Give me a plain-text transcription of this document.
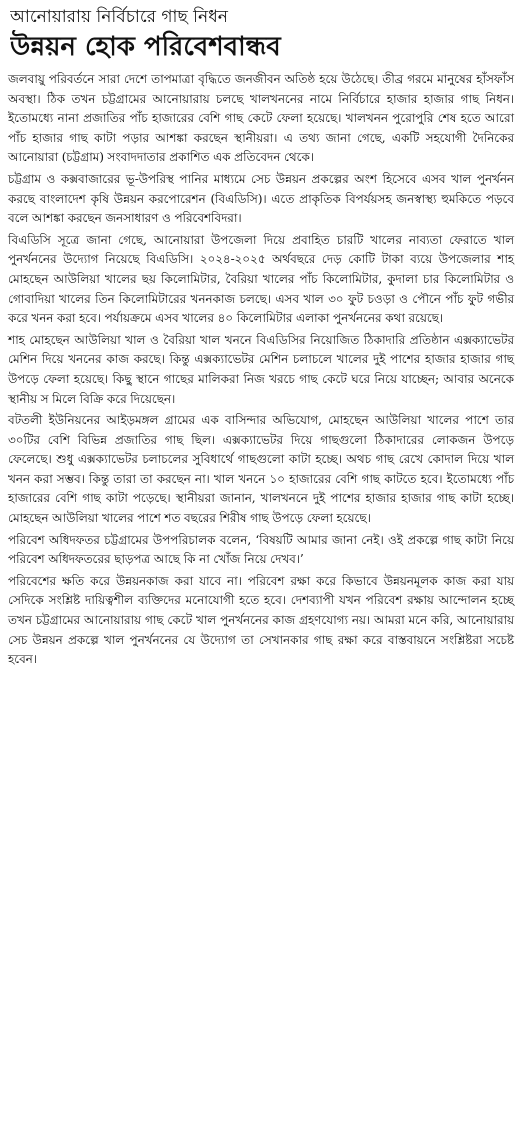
আনোয়ারায় নির্বিচারে গাছ নিধন
উন্নয়ন হোক পরিবেশবান্ধব

জলবায়ু পরিবর্তনে সারা দেশে তাপমাত্রা বৃদ্ধিতে জনজীবন অতিষ্ঠ হয়ে উঠেছে। তীব্র গরমে মানুষের হাঁসফাঁস অবস্থা। ঠিক তখন চট্টগ্রামের আনোয়ারায় চলছে খালখননের নামে নির্বিচারে হাজার হাজার গাছ নিধন। ইতোমধ্যে নানা প্রজাতির পাঁচ হাজারের বেশি গাছ কেটে ফেলা হয়েছে। খালখনন পুরোপুরি শেষ হতে আরো পাঁচ হাজার গাছ কাটা পড়ার আশঙ্কা করছেন স্থানীয়রা। এ তথ্য জানা গেছে, একটি সহযোগী দৈনিকের আনোয়ারা (চট্টগ্রাম) সংবাদদাতার প্রকাশিত এক প্রতিবেদন থেকে।

চট্টগ্রাম ও কক্সবাজারের ভূ-উপরিস্থ পানির মাধ্যমে সেচ উন্নয়ন প্রকল্পের অংশ হিসেবে এসব খাল পুনর্খনন করছে বাংলাদেশ কৃষি উন্নয়ন করপোরেশন (বিএডিসি)। এতে প্রাকৃতিক বিপর্যয়সহ জনস্বাস্থ্য হুমকিতে পড়বে বলে আশঙ্কা করছেন জনসাধারণ ও পরিবেশবিদরা।

বিএডিসি সূত্রে জানা গেছে, আনোয়ারা উপজেলা দিয়ে প্রবাহিত চারটি খালের নাব্যতা ফেরাতে খাল পুনর্খননের উদ্যোগ নিয়েছে বিএডিসি। ২০২৪-২০২৫ অর্থবছরে দেড় কোটি টাকা ব্যয়ে উপজেলার শাহ মোহছেন আউলিয়া খালের ছয় কিলোমিটার, বৈরিয়া খালের পাঁচ কিলোমিটার, কুদালা চার কিলোমিটার ও গোবাদিয়া খালের তিন কিলোমিটারের খননকাজ চলছে। এসব খাল ৩০ ফুট চওড়া ও পৌনে পাঁচ ফুট গভীর করে খনন করা হবে। পর্যায়ক্রমে এসব খালের ৪০ কিলোমিটার এলাকা পুনর্খননের কথা রয়েছে।

শাহ মোহছেন আউলিয়া খাল ও বৈরিয়া খাল খননে বিএডিসির নিয়োজিত ঠিকাদারি প্রতিষ্ঠান এক্সক্যাভেটর মেশিন দিয়ে খননের কাজ করছে। কিন্তু এক্সক্যাভেটর মেশিন চলাচলে খালের দুই পাশের হাজার হাজার গাছ উপড়ে ফেলা হয়েছে। কিছু স্থানে গাছের মালিকরা নিজ খরচে গাছ কেটে ঘরে নিয়ে যাচ্ছেন; আবার অনেকে স্থানীয় স মিলে বিক্রি করে দিয়েছেন।

বটতলী ইউনিয়নের আইড়মঙ্গল গ্রামের এক বাসিন্দার অভিযোগ, মোহছেন আউলিয়া খালের পাশে তার ৩০টির বেশি বিভিন্ন প্রজাতির গাছ ছিল। এক্সক্যাভেটর দিয়ে গাছগুলো ঠিকাদারের লোকজন উপড়ে ফেলেছে। শুধু এক্সক্যাভেটর চলাচলের সুবিধার্থে গাছগুলো কাটা হচ্ছে। অথচ গাছ রেখে কোদাল দিয়ে খাল খনন করা সম্ভব। কিন্তু তারা তা করছেন না। খাল খননে ১০ হাজারের বেশি গাছ কাটতে হবে। ইতোমধ্যে পাঁচ হাজারের বেশি গাছ কাটা পড়েছে। স্থানীয়রা জানান, খালখননে দুই পাশের হাজার হাজার গাছ কাটা হচ্ছে। মোহছেন আউলিয়া খালের পাশে শত বছরের শিরীষ গাছ উপড়ে ফেলা হয়েছে।

পরিবেশ অধিদফতর চট্টগ্রামের উপপরিচালক বলেন, ‘বিষয়টি আমার জানা নেই। ওই প্রকল্পে গাছ কাটা নিয়ে পরিবেশ অধিদফতরের ছাড়পত্র আছে কি না খোঁজ নিয়ে দেখব।’

পরিবেশের ক্ষতি করে উন্নয়নকাজ করা যাবে না। পরিবেশ রক্ষা করে কিভাবে উন্নয়নমূলক কাজ করা যায় সেদিকে সংশ্লিষ্ট দায়িত্বশীল ব্যক্তিদের মনোযোগী হতে হবে। দেশব্যাপী যখন পরিবেশ রক্ষায় আন্দোলন হচ্ছে তখন চট্টগ্রামের আনোয়ারায় গাছ কেটে খাল পুনর্খননের কাজ গ্রহণযোগ্য নয়। আমরা মনে করি, আনোয়ারায় সেচ উন্নয়ন প্রকল্পে খাল পুনর্খননের যে উদ্যোগ তা সেখানকার গাছ রক্ষা করে বাস্তবায়নে সংশ্লিষ্টরা সচেষ্ট হবেন।
